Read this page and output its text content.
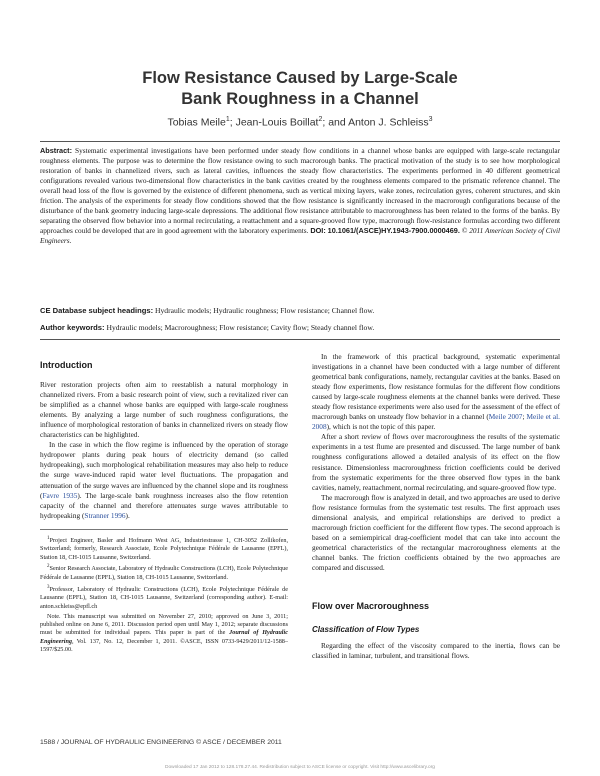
Flow Resistance Caused by Large-Scale
Bank Roughness in a Channel
Tobias Meile$^1$; Jean-Louis Boillat$^2$; and Anton J. Schleiss$^3$
Abstract: Systematic experimental investigations have been performed under steady flow conditions in a channel whose banks are equipped with large-scale rectangular roughness elements. The purpose was to determine the flow resistance owing to such macrorough banks. The practical motivation of the study is to see how morphological restoration of banks in channelized rivers, such as lateral cavities, influences the steady flow characteristics. The experiments performed in 40 different geometrical configurations revealed various two-dimensional flow characteristics in the bank cavities created by the roughness elements compared to the prismatic reference channel. The overall head loss of the flow is governed by the existence of different phenomena, such as vertical mixing layers, wake zones, recirculation gyres, coherent structures, and skin friction. The analysis of the experiments for steady flow conditions showed that the flow resistance is significantly increased in the macrorough configurations because of the disturbance of the bank geometry inducing large-scale depressions. The additional flow resistance attributable to macroroughness has been related to the forms of the banks. By separating the observed flow behavior into a normal recirculating, a reattachment and a square-grooved flow type, macrorough flow-resistance formulas according two different approaches could be developed that are in good agreement with the laboratory experiments. DOI: 10.1061/(ASCE)HY.1943-7900.0000469. © 2011 American Society of Civil Engineers.
CE Database subject headings: Hydraulic models; Hydraulic roughness; Flow resistance; Channel flow.
Author keywords: Hydraulic models; Macroroughness; Flow resistance; Cavity flow; Steady channel flow.
Introduction

River restoration projects often aim to reestablish a natural morphology in channelized rivers. From a basic research point of view, such a revitalized river can be simplified as a channel whose banks are equipped with large-scale roughness elements. By analyzing a large number of such roughness configurations, the influence of morphological restoration of banks in channelized rivers on steady flow characteristics can be highlighted.

In the case in which the flow regime is influenced by the operation of storage hydropower plants during peak hours of electricity demand (so called hydropeaking), such morphological rehabilitation measures may also help to reduce the surge wave-induced rapid water level fluctuations. The propagation and attenuation of the surge waves are influenced by the channel slope and its roughness (Favre 1935). The large-scale bank roughness increases also the flow retention capacity of the channel and therefore attenuates surge waves attributable to hydropeaking (Stranner 1996).

$^1$Project Engineer, Basler and Hofmann West AG, Industriestrasse 1, CH-3052 Zollikofen, Switzerland; formerly, Research Associate, Ecole Polytechnique Fédérale de Lausanne (EPFL), Station 18, CH-1015 Lausanne, Switzerland.

$^2$Senior Research Associate, Laboratory of Hydraulic Constructions (LCH), Ecole Polytechnique Fédérale de Lausanne (EPFL), Station 18, CH-1015 Lausanne, Switzerland.

$^3$Professor, Laboratory of Hydraulic Constructions (LCH), Ecole Polytechnique Fédérale de Lausanne (EPFL), Station 18, CH-1015 Lausanne, Switzerland (corresponding author). E-mail: anton.schleiss@epfl.ch

Note. This manuscript was submitted on November 27, 2010; approved on June 3, 2011; published online on June 6, 2011. Discussion period open until May 1, 2012; separate discussions must be submitted for individual papers. This paper is part of the Journal of Hydraulic Engineering, Vol. 137, No. 12, December 1, 2011. ©ASCE, ISSN 0733-9429/2011/12-1588–1597/$25.00.

In the framework of this practical background, systematic experimental investigations in a channel have been conducted with a large number of different geometrical bank configurations, namely, rectangular cavities at the banks. Based on steady flow experiments, flow resistance formulas for the different flow conditions caused by large-scale roughness elements at the channel banks were derived. These steady flow resistance experiments were also used for the assessment of the effect of macrorough banks on unsteady flow behavior in a channel (Meile 2007; Meile et al. 2008), which is not the topic of this paper.

After a short review of flows over macroroughness the results of the systematic experiments in a test flume are presented and discussed. The large number of bank roughness configurations allowed a detailed analysis of its effect on the flow resistance. Dimensionless macroroughness friction coefficients could be derived from the systematic experiments for the three observed flow types in the bank cavities, namely, reattachment, normal recirculating, and square-grooved flow type.

The macrorough flow is analyzed in detail, and two approaches are used to derive flow resistance formulas from the systematic test results. The first approach uses dimensional analysis, and empirical relationships are derived to predict a macrorough friction coefficient for the different flow types. The second approach is based on a semiempirical drag-coefficient model that can take into account the geometrical characteristics of the rectangular macroroughness elements at the channel banks. The friction coefficients obtained by the two approaches are compared and discussed.

Flow over Macroroughness
Classification of Flow Types

Regarding the effect of the viscosity compared to the inertia, flows can be classified in laminar, turbulent, and transitional flows.

1588 / JOURNAL OF HYDRAULIC ENGINEERING © ASCE / DECEMBER 2011
Downloaded 17 Jan 2012 to 128.178.27.44. Redistribution subject to ASCE license or copyright. Visit http://www.ascelibrary.org
